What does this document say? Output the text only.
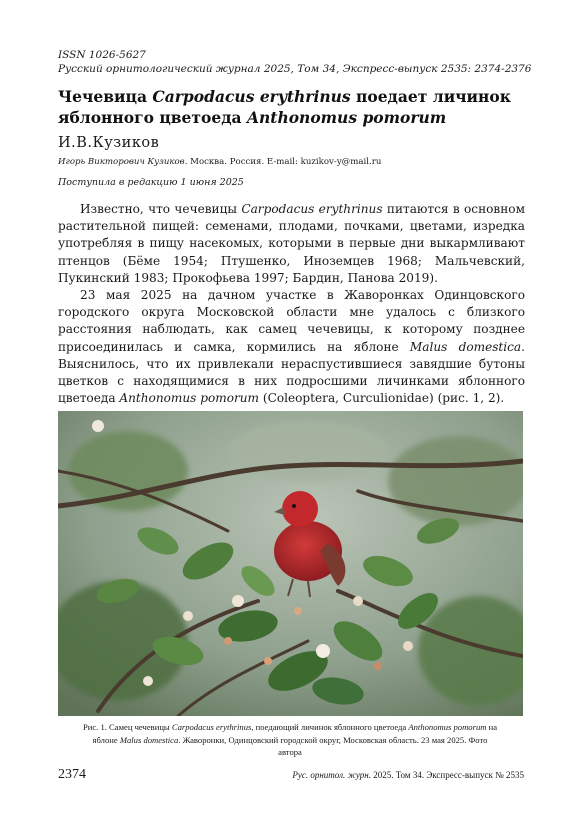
ISSN 1026-5627
Русский орнитологический журнал 2025, Том 34, Экспресс-выпуск 2535: 2374-2376
Чечевица Carpodacus erythrinus поедает личинок яблонного цветоеда Anthonomus pomorum
И.В.Кузиков
Игорь Викторович Кузиков. Москва. Россия. E-mail: kuzikov-y@mail.ru
Поступила в редакцию 1 июня 2025

Известно, что чечевицы Carpodacus erythrinus питаются в основном растительной пищей: семенами, плодами, почками, цветами, изредка употребляя в пищу насекомых, которыми в первые дни выкармливают птенцов (Бёме 1954; Птушенко, Иноземцев 1968; Мальчевский, Пукинский 1983; Прокофьева 1997; Бардин, Панова 2019).

23 мая 2025 на дачном участке в Жаворонках Одинцовского городского округа Московской области мне удалось с близкого расстояния наблюдать, как самец чечевицы, к которому позднее присоединилась и самка, кормились на яблоне Malus domestica. Выяснилось, что их привлекали нераспустившиеся завядшие бутоны цветков с находящимися в них подросшими личинками яблонного цветоеда Anthonomus pomorum (Coleoptera, Curculionidae) (рис. 1, 2).

Рис. 1. Самец чечевицы Carpodacus erythrinus, поедающий личинок яблонного цветоеда Anthonomus pomorum на яблоне Malus domestica. Жаворонки, Одинцовский городской округ, Московская область. 23 мая 2025. Фото автора
2374	Рус. орнитол. журн. 2025. Том 34. Экспресс-выпуск № 2535
